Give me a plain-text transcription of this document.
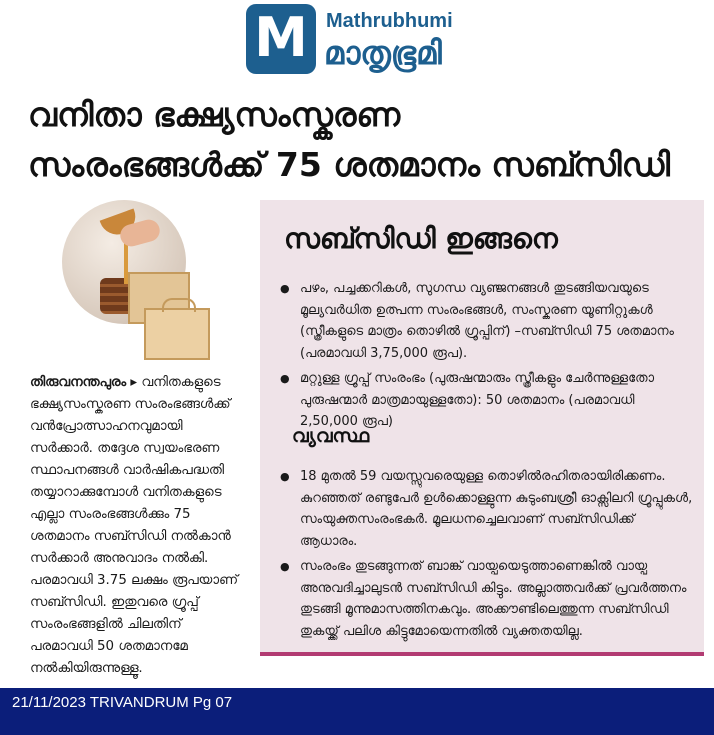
M Mathrubhumi
മാതൃഭൂമി
വനിതാ ഭക്ഷ്യസംസ്കരണ
സംരംഭങ്ങൾക്ക് 75 ശതമാനം സബ്സിഡി
തിരുവനന്തപുരം ▸ വനിതകളുടെ ഭക്ഷ്യസംസ്കരണ സംരംഭങ്ങൾക്ക് വൻപ്രോത്സാഹനവുമായി സർക്കാർ. തദ്ദേശ സ്വയംഭരണ സ്ഥാപനങ്ങൾ വാർഷികപദ്ധതി തയ്യാറാക്കുമ്പോൾ വനിതകളുടെ എല്ലാ സംരംഭങ്ങൾക്കും 75 ശതമാനം സബ്സിഡി നൽകാൻ സർക്കാർ അനുവാദം നൽകി. പരമാവധി 3.75 ലക്ഷം രൂപയാണ് സബ്സിഡി. ഇതുവരെ ഗ്രൂപ്പ് സംരംഭങ്ങളിൽ ചിലതിന് പരമാവധി 50 ശതമാനമേ നൽകിയിരുന്നുള്ളൂ.
സബ്സിഡി ഇങ്ങനെ
● പഴം, പച്ചക്കറികൾ, സുഗന്ധ വ്യഞ്ജനങ്ങൾ തുടങ്ങിയവയുടെ മൂല്യവർധിത ഉത്പന്ന സംരംഭങ്ങൾ, സംസ്കരണ യൂണിറ്റുകൾ (സ്ത്രീകളുടെ മാത്രം തൊഴിൽ ഗ്രൂപ്പിന്) –സബ്സിഡി 75 ശതമാനം (പരമാവധി 3,75,000 രൂപ).
● മറ്റുള്ള ഗ്രൂപ്പ് സംരംഭം (പുരുഷന്മാരും സ്ത്രീകളും ചേർന്നുള്ളതോ പുരുഷന്മാർ മാത്രമായുള്ളതോ): 50 ശതമാനം (പരമാവധി 2,50,000 രൂപ)
വ്യവസ്ഥ
● 18 മുതൽ 59 വയസ്സുവരെയുള്ള തൊഴിൽരഹിതരായിരിക്കണം. കുറഞ്ഞത് രണ്ടുപേർ ഉൾക്കൊള്ളുന്ന കുടുംബശ്രീ ഓക്സിലറി ഗ്രൂപ്പുകൾ, സംയുക്തസംരംഭകർ. മൂലധനച്ചെലവാണ് സബ്സിഡിക്ക് ആധാരം.
● സംരംഭം തുടങ്ങുന്നത് ബാങ്ക് വായ്പയെടുത്താണെങ്കിൽ വായ്പ അനുവദിച്ചാലുടൻ സബ്സിഡി കിട്ടും. അല്ലാത്തവർക്ക് പ്രവർത്തനം തുടങ്ങി മൂന്നുമാസത്തിനകവും. അക്കൗണ്ടിലെത്തുന്ന സബ്സിഡി തുകയ്ക്ക് പലിശ കിട്ടുമോയെന്നതിൽ വ്യക്തതയില്ല.
21/11/2023 TRIVANDRUM Pg 07
